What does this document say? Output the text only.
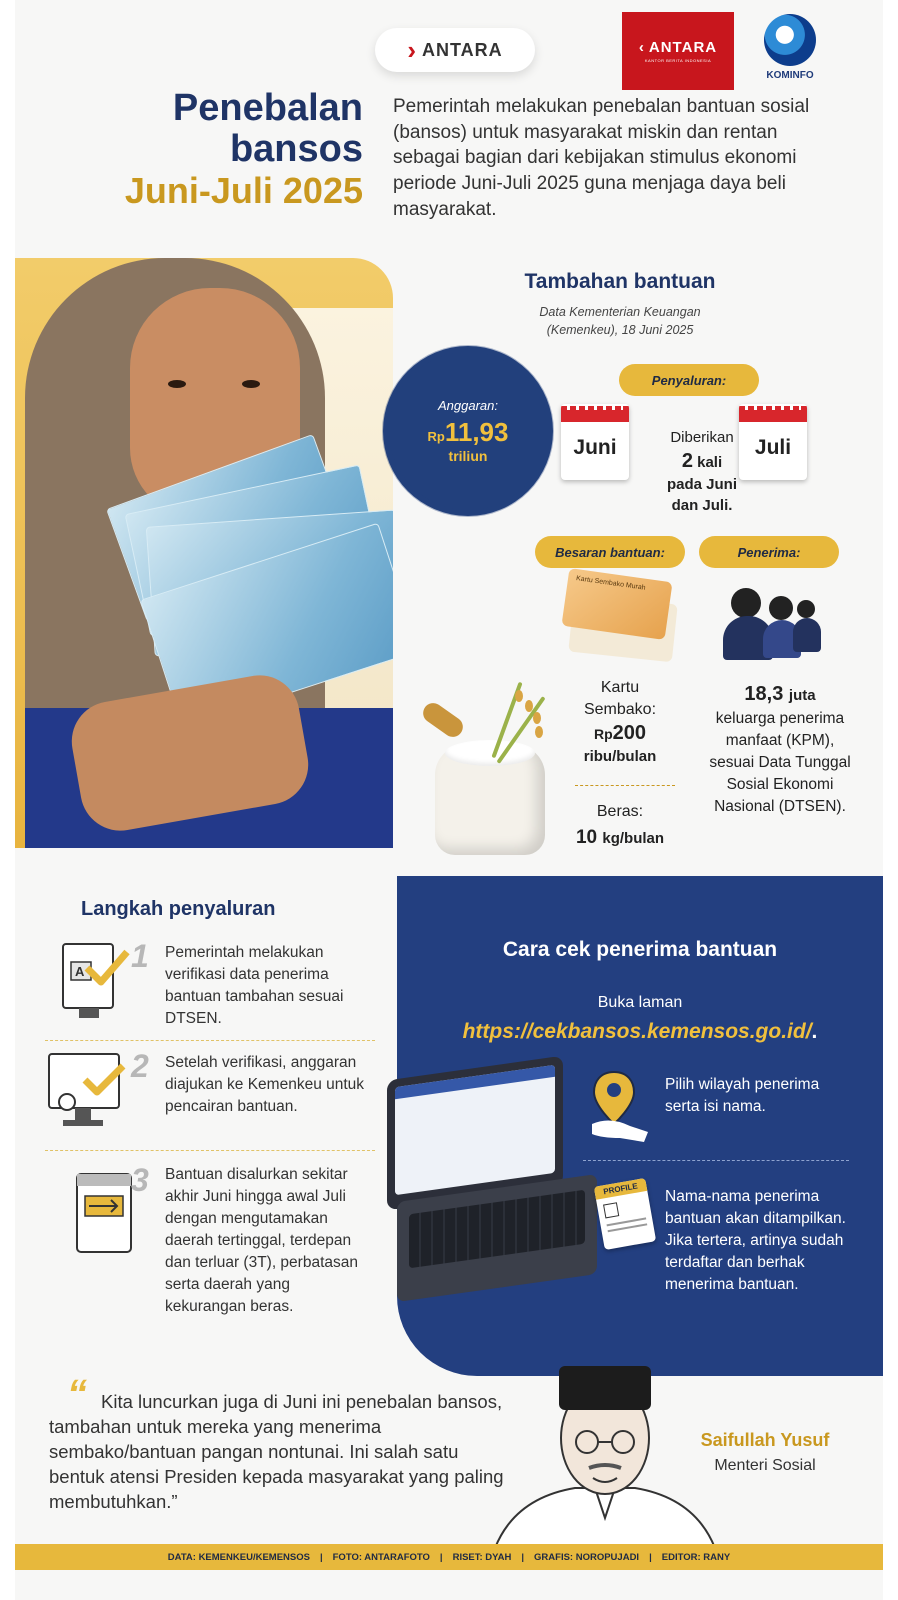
› ANTARA	‹ ANTARA
KANTOR BERITA INDONESIA
KOMINFO
Penebalan
bansos
Juni-Juli 2025
Pemerintah melakukan penebalan bantuan sosial (bansos) untuk masyarakat miskin dan rentan sebagai bagian dari kebijakan stimulus ekonomi periode Juni-Juli 2025 guna menjaga daya beli masyarakat.
Tambahan bantuan
Data Kementerian Keuangan
(Kemenkeu), 18 Juni 2025
Anggaran:
Rp11,93
triliun
Penyaluran:
Juni	Juli
Diberikan
2 kali
pada Juni
dan Juli.
Besaran bantuan:	Penerima:
Kartu Sembako Murah
Kartu
Sembako:
Rp200
ribu/bulan
Beras:
10 kg/bulan
18,3 juta
keluarga penerima manfaat (KPM), sesuai Data Tunggal Sosial Ekonomi Nasional (DTSEN).
Langkah penyaluran
A 1 Pemerintah melakukan verifikasi data penerima bantuan tambahan sesuai DTSEN.
2 Setelah verifikasi, anggaran diajukan ke Kemenkeu untuk pencairan bantuan.
3 Bantuan disalurkan sekitar akhir Juni hingga awal Juli dengan mengutamakan daerah tertinggal, terdepan dan terluar (3T), perbatasan serta daerah yang kekurangan beras.
Cara cek penerima bantuan
Buka laman
https://cekbansos.kemensos.go.id/.
Pilih wilayah penerima serta isi nama.
PROFILE	Nama-nama penerima bantuan akan ditampilkan. Jika tertera, artinya sudah terdaftar dan berhak menerima bantuan.
“ Kita luncurkan juga di Juni ini penebalan bansos, tambahan untuk mereka yang menerima sembako/bantuan pangan nontunai. Ini salah satu bentuk atensi Presiden kepada masyarakat yang paling membutuhkan.”
Saifullah Yusuf
Menteri Sosial
DATA: KEMENKEU/KEMENSOS | FOTO: ANTARAFOTO | RISET: DYAH | GRAFIS: NOROPUJADI | EDITOR: RANY
